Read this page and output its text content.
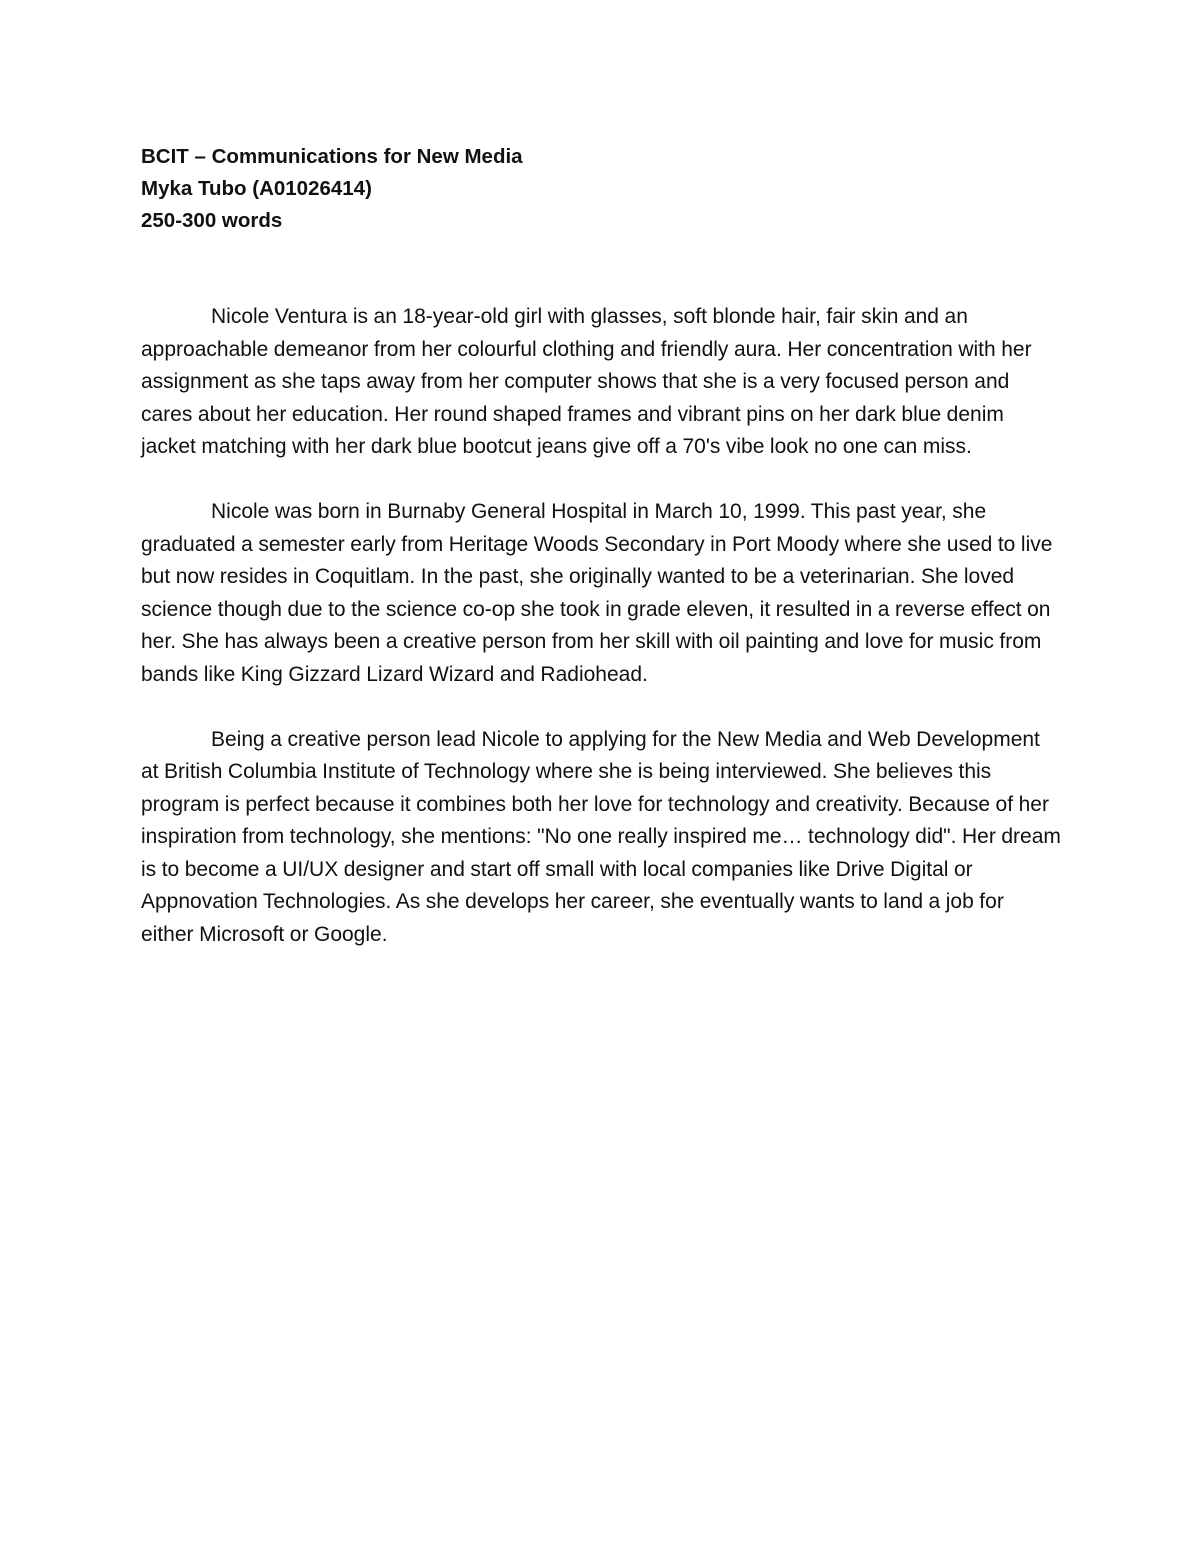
BCIT – Communications for New Media

Myka Tubo (A01026414)

250-300 words

Nicole Ventura is an 18-year-old girl with glasses, soft blonde hair, fair skin and an approachable demeanor from her colourful clothing and friendly aura. Her concentration with her assignment as she taps away from her computer shows that she is a very focused person and cares about her education. Her round shaped frames and vibrant pins on her dark blue denim jacket matching with her dark blue bootcut jeans give off a 70's vibe look no one can miss.

Nicole was born in Burnaby General Hospital in March 10, 1999. This past year, she graduated a semester early from Heritage Woods Secondary in Port Moody where she used to live but now resides in Coquitlam. In the past, she originally wanted to be a veterinarian. She loved science though due to the science co-op she took in grade eleven, it resulted in a reverse effect on her. She has always been a creative person from her skill with oil painting and love for music from bands like King Gizzard Lizard Wizard and Radiohead.

Being a creative person lead Nicole to applying for the New Media and Web Development at British Columbia Institute of Technology where she is being interviewed. She believes this program is perfect because it combines both her love for technology and creativity. Because of her inspiration from technology, she mentions: "No one really inspired me… technology did". Her dream is to become a UI/UX designer and start off small with local companies like Drive Digital or Appnovation Technologies. As she develops her career, she eventually wants to land a job for either Microsoft or Google.
